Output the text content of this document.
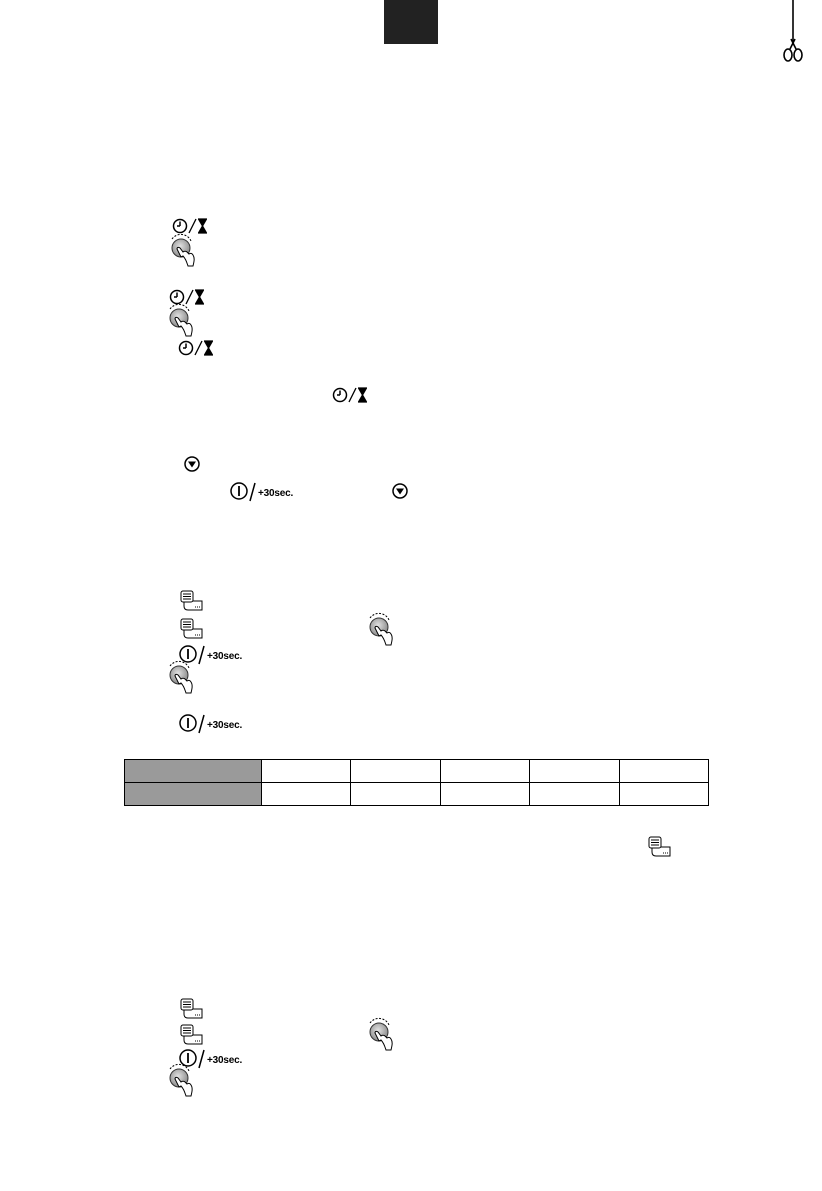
+30sec.
+30sec.
+30sec.

+30sec.
